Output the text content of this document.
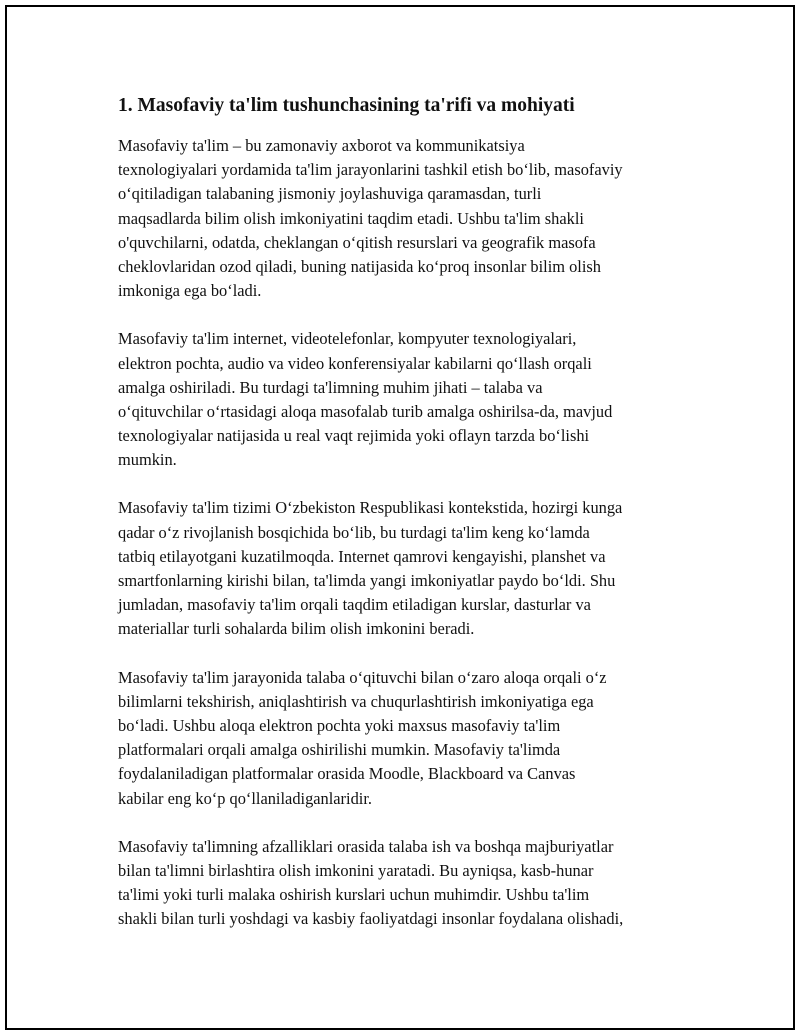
1. Masofaviy ta'lim tushunchasining ta'rifi va mohiyati
Masofaviy ta'lim – bu zamonaviy axborot va kommunikatsiya
texnologiyalari yordamida ta'lim jarayonlarini tashkil etish boʻlib, masofaviy
oʻqitiladigan talabaning jismoniy joylashuviga qaramasdan, turli
maqsadlarda bilim olish imkoniyatini taqdim etadi. Ushbu ta'lim shakli
o'quvchilarni, odatda, cheklangan oʻqitish resurslari va geografik masofa
cheklovlaridan ozod qiladi, buning natijasida koʻproq insonlar bilim olish
imkoniga ega boʻladi.
Masofaviy ta'lim internet, videotelefonlar, kompyuter texnologiyalari,
elektron pochta, audio va video konferensiyalar kabilarni qoʻllash orqali
amalga oshiriladi. Bu turdagi ta'limning muhim jihati – talaba va
oʻqituvchilar oʻrtasidagi aloqa masofalab turib amalga oshirilsa-da, mavjud
texnologiyalar natijasida u real vaqt rejimida yoki oflayn tarzda boʻlishi
mumkin.
Masofaviy ta'lim tizimi Oʻzbekiston Respublikasi kontekstida, hozirgi kunga
qadar oʻz rivojlanish bosqichida boʻlib, bu turdagi ta'lim keng koʻlamda
tatbiq etilayotgani kuzatilmoqda. Internet qamrovi kengayishi, planshet va
smartfonlarning kirishi bilan, ta'limda yangi imkoniyatlar paydo boʻldi. Shu
jumladan, masofaviy ta'lim orqali taqdim etiladigan kurslar, dasturlar va
materiallar turli sohalarda bilim olish imkonini beradi.
Masofaviy ta'lim jarayonida talaba oʻqituvchi bilan oʻzaro aloqa orqali oʻz
bilimlarni tekshirish, aniqlashtirish va chuqurlashtirish imkoniyatiga ega
boʻladi. Ushbu aloqa elektron pochta yoki maxsus masofaviy ta'lim
platformalari orqali amalga oshirilishi mumkin. Masofaviy ta'limda
foydalaniladigan platformalar orasida Moodle, Blackboard va Canvas
kabilar eng koʻp qoʻllaniladiganlaridir.
Masofaviy ta'limning afzalliklari orasida talaba ish va boshqa majburiyatlar
bilan ta'limni birlashtira olish imkonini yaratadi. Bu ayniqsa, kasb-hunar
ta'limi yoki turli malaka oshirish kurslari uchun muhimdir. Ushbu ta'lim
shakli bilan turli yoshdagi va kasbiy faoliyatdagi insonlar foydalana olishadi,
